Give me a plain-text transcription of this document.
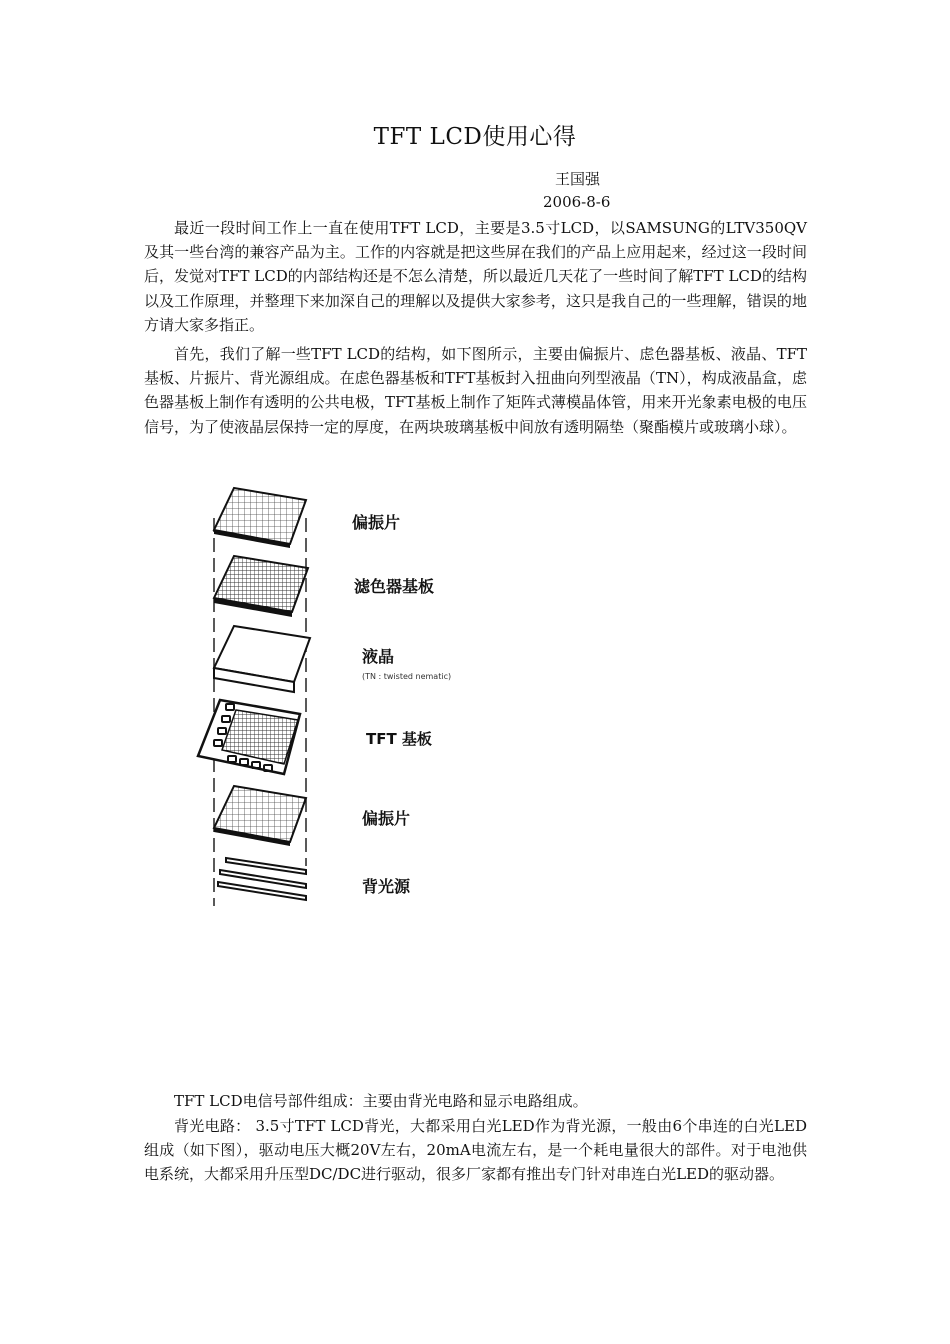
TFT LCD使用心得
王国强
2006-8-6

最近一段时间工作上一直在使用TFT LCD，主要是3.5寸LCD，以SAMSUNG的LTV350QV及其一些台湾的兼容产品为主。工作的内容就是把这些屏在我们的产品上应用起来，经过这一段时间后，发觉对TFT LCD的内部结构还是不怎么清楚，所以最近几天花了一些时间了解TFT LCD的结构以及工作原理，并整理下来加深自己的理解以及提供大家参考，这只是我自己的一些理解，错误的地方请大家多指正。

首先，我们了解一些TFT LCD的结构，如下图所示，主要由偏振片、虑色器基板、液晶、TFT基板、片振片、背光源组成。在虑色器基板和TFT基板封入扭曲向列型液晶（TN），构成液晶盒，虑色器基板上制作有透明的公共电极，TFT基板上制作了矩阵式薄模晶体管，用来开光象素电极的电压信号，为了使液晶层保持一定的厚度，在两块玻璃基板中间放有透明隔垫（聚酯模片或玻璃小球）。

偏振片
滤色器基板
液晶
(TN : twisted nematic)
TFT 基板
偏振片
背光源

TFT LCD电信号部件组成：主要由背光电路和显示电路组成。

背光电路： 3.5寸TFT LCD背光，大都采用白光LED作为背光源，一般由6个串连的白光LED组成（如下图），驱动电压大概20V左右，20mA电流左右，是一个耗电量很大的部件。对于电池供电系统，大都采用升压型DC/DC进行驱动，很多厂家都有推出专门针对串连白光LED的驱动器。
